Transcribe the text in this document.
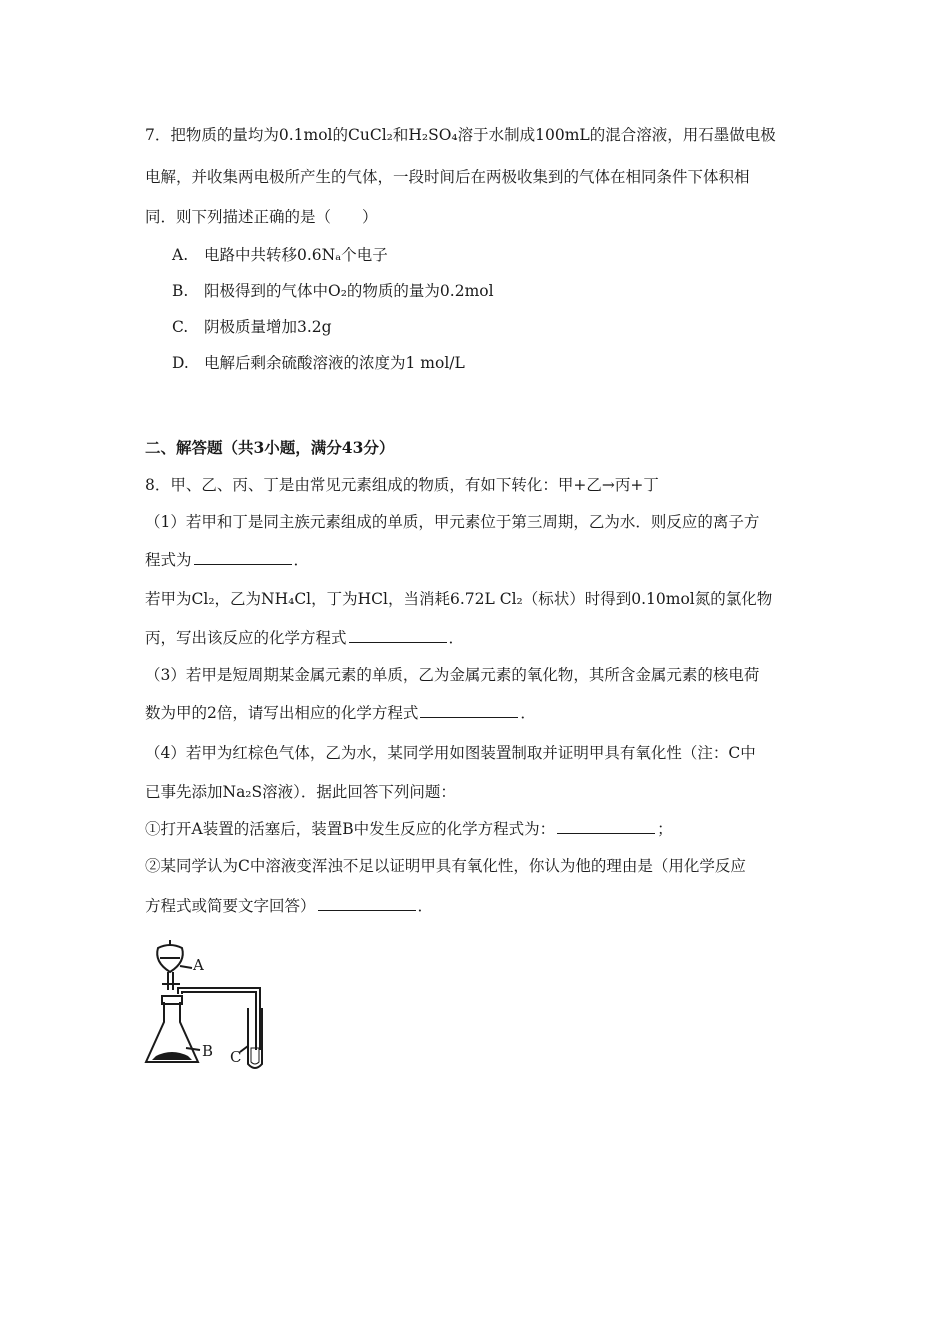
7．把物质的量均为0.1mol的CuCl₂和H₂SO₄溶于水制成100mL的混合溶液，用石墨做电极
电解，并收集两电极所产生的气体，一段时间后在两极收集到的气体在相同条件下体积相
同．则下列描述正确的是（　　）
A. 电路中共转移0.6Nₐ个电子
B. 阳极得到的气体中O₂的物质的量为0.2mol
C. 阴极质量增加3.2g
D. 电解后剩余硫酸溶液的浓度为1 mol/L
二、解答题（共3小题，满分43分）
8．甲、乙、丙、丁是由常见元素组成的物质，有如下转化：甲+乙→丙+丁
（1）若甲和丁是同主族元素组成的单质，甲元素位于第三周期，乙为水．则反应的离子方
程式为	．
若甲为Cl₂，乙为NH₄Cl，丁为HCl，当消耗6.72L Cl₂（标状）时得到0.10mol氮的氯化物
丙，写出该反应的化学方程式	．
（3）若甲是短周期某金属元素的单质，乙为金属元素的氧化物，其所含金属元素的核电荷
数为甲的2倍，请写出相应的化学方程式	．
（4）若甲为红棕色气体，乙为水，某同学用如图装置制取并证明甲具有氧化性（注：C中
已事先添加Na₂S溶液）．据此回答下列问题：
①打开A装置的活塞后，装置B中发生反应的化学方程式为：	；
②某同学认为C中溶液变浑浊不足以证明甲具有氧化性，你认为他的理由是（用化学反应
方程式或简要文字回答）	．
A
B C
